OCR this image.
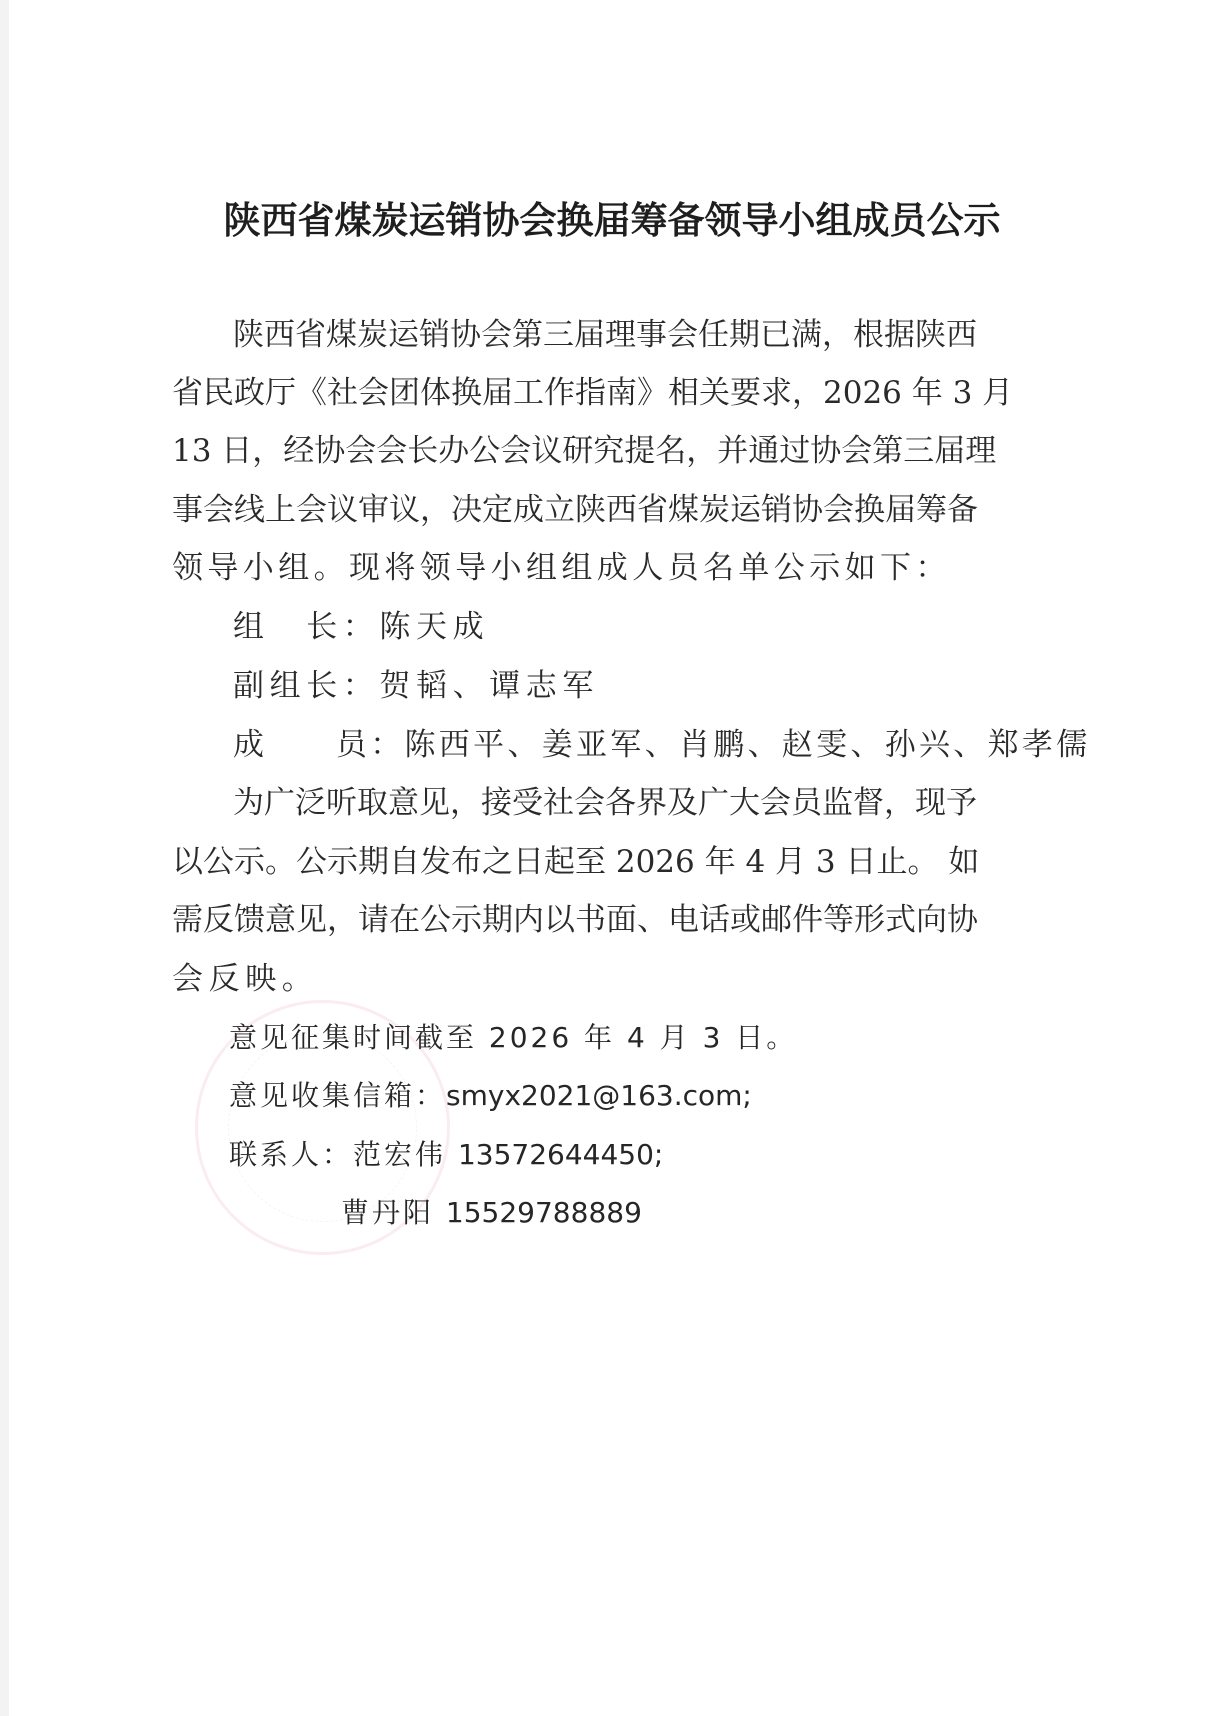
陕西省煤炭运销协会换届筹备领导小组成员公示
陕西省煤炭运销协会第三届理事会任期已满，根据陕西
省民政厅《社会团体换届工作指南》相关要求，2026 年 3 月
13 日，经协会会长办公会议研究提名，并通过协会第三届理
事会线上会议审议，决定成立陕西省煤炭运销协会换届筹备
领导小组。现将领导小组组成人员名单公示如下：
组　长：陈天成
副组长：贺韬、谭志军
成　　员：陈西平、姜亚军、肖鹏、赵雯、孙兴、郑孝儒
为广泛听取意见，接受社会各界及广大会员监督，现予
以公示。公示期自发布之日起至 2026 年 4 月 3 日止。 如
需反馈意见，请在公示期内以书面、电话或邮件等形式向协
会反映。
意见征集时间截至 2026 年 4 月 3 日。
意见收集信箱：smyx2021@163.com;
联系人：范宏伟 13572644450;
曹丹阳 15529788889
